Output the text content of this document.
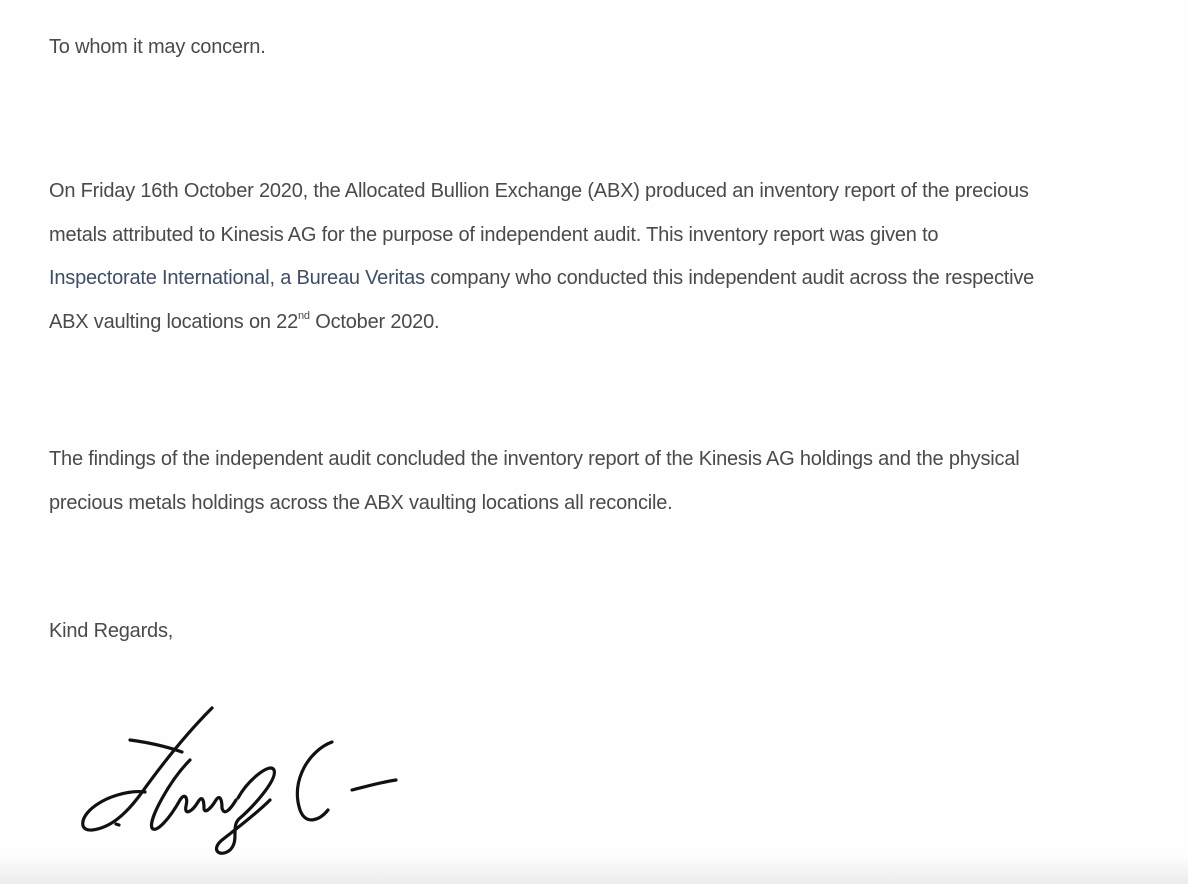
To whom it may concern.

On Friday 16th October 2020, the Allocated Bullion Exchange (ABX) produced an inventory report of the precious
metals attributed to Kinesis AG for the purpose of independent audit. This inventory report was given to
Inspectorate International, a Bureau Veritas company who conducted this independent audit across the respective
ABX vaulting locations on 22nd October 2020.

The findings of the independent audit concluded the inventory report of the Kinesis AG holdings and the physical
precious metals holdings across the ABX vaulting locations all reconcile.

Kind Regards,
